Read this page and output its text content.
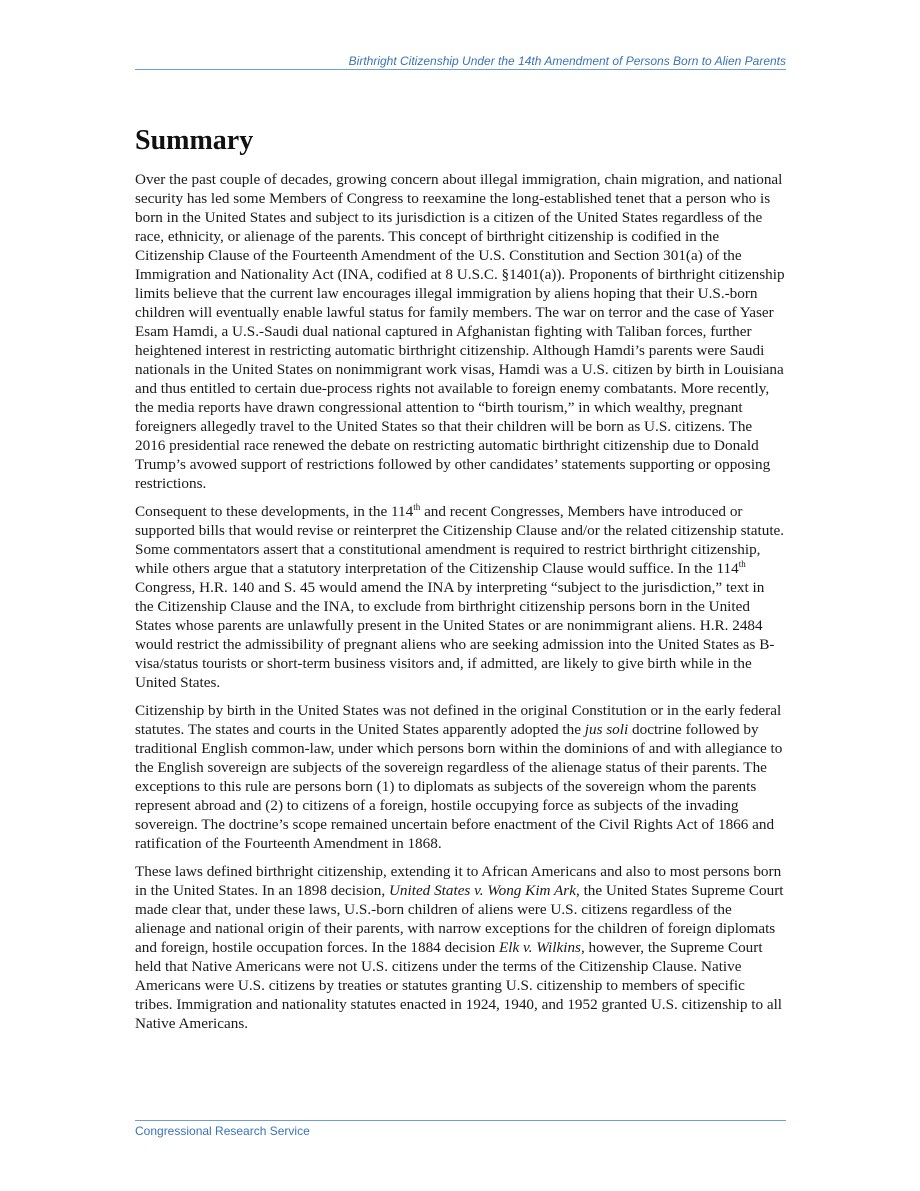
Birthright Citizenship Under the 14th Amendment of Persons Born to Alien Parents
Summary

Over the past couple of decades, growing concern about illegal immigration, chain migration, and national security has led some Members of Congress to reexamine the long-established tenet that a person who is born in the United States and subject to its jurisdiction is a citizen of the United States regardless of the race, ethnicity, or alienage of the parents. This concept of birthright citizenship is codified in the Citizenship Clause of the Fourteenth Amendment of the U.S. Constitution and Section 301(a) of the Immigration and Nationality Act (INA, codified at 8 U.S.C. §1401(a)). Proponents of birthright citizenship limits believe that the current law encourages illegal immigration by aliens hoping that their U.S.-born children will eventually enable lawful status for family members. The war on terror and the case of Yaser Esam Hamdi, a U.S.-Saudi dual national captured in Afghanistan fighting with Taliban forces, further heightened interest in restricting automatic birthright citizenship. Although Hamdi’s parents were Saudi nationals in the United States on nonimmigrant work visas, Hamdi was a U.S. citizen by birth in Louisiana and thus entitled to certain due-process rights not available to foreign enemy combatants. More recently, the media reports have drawn congressional attention to “birth tourism,” in which wealthy, pregnant foreigners allegedly travel to the United States so that their children will be born as U.S. citizens. The 2016 presidential race renewed the debate on restricting automatic birthright citizenship due to Donald Trump’s avowed support of restrictions followed by other candidates’ statements supporting or opposing restrictions.

Consequent to these developments, in the 114th and recent Congresses, Members have introduced or supported bills that would revise or reinterpret the Citizenship Clause and/or the related citizenship statute. Some commentators assert that a constitutional amendment is required to restrict birthright citizenship, while others argue that a statutory interpretation of the Citizenship Clause would suffice. In the 114th Congress, H.R. 140 and S. 45 would amend the INA by interpreting “subject to the jurisdiction,” text in the Citizenship Clause and the INA, to exclude from birthright citizenship persons born in the United States whose parents are unlawfully present in the United States or are nonimmigrant aliens. H.R. 2484 would restrict the admissibility of pregnant aliens who are seeking admission into the United States as B-visa/status tourists or short-term business visitors and, if admitted, are likely to give birth while in the United States.

Citizenship by birth in the United States was not defined in the original Constitution or in the early federal statutes. The states and courts in the United States apparently adopted the jus soli doctrine followed by traditional English common-law, under which persons born within the dominions of and with allegiance to the English sovereign are subjects of the sovereign regardless of the alienage status of their parents. The exceptions to this rule are persons born (1) to diplomats as subjects of the sovereign whom the parents represent abroad and (2) to citizens of a foreign, hostile occupying force as subjects of the invading sovereign. The doctrine’s scope remained uncertain before enactment of the Civil Rights Act of 1866 and ratification of the Fourteenth Amendment in 1868.

These laws defined birthright citizenship, extending it to African Americans and also to most persons born in the United States. In an 1898 decision, United States v. Wong Kim Ark, the United States Supreme Court made clear that, under these laws, U.S.-born children of aliens were U.S. citizens regardless of the alienage and national origin of their parents, with narrow exceptions for the children of foreign diplomats and foreign, hostile occupation forces. In the 1884 decision Elk v. Wilkins, however, the Supreme Court held that Native Americans were not U.S. citizens under the terms of the Citizenship Clause. Native Americans were U.S. citizens by treaties or statutes granting U.S. citizenship to members of specific tribes. Immigration and nationality statutes enacted in 1924, 1940, and 1952 granted U.S. citizenship to all Native Americans.

Congressional Research Service
